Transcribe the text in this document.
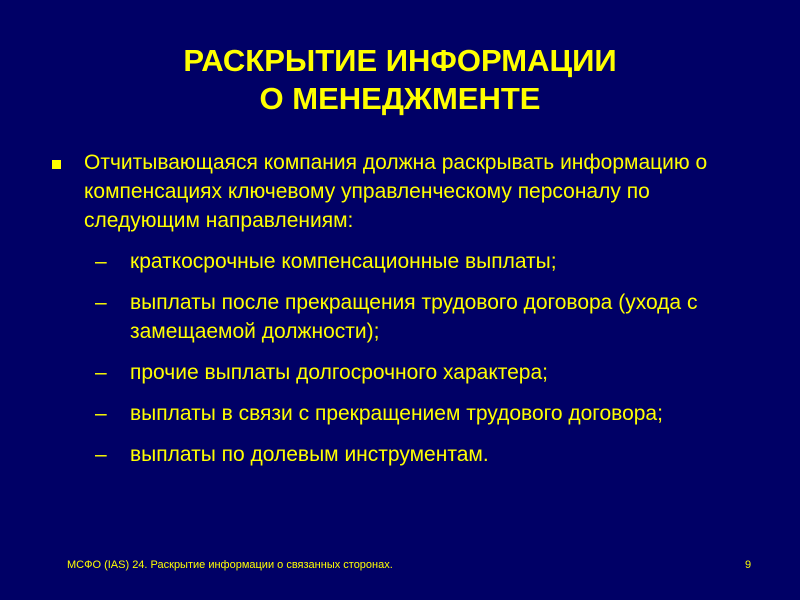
РАСКРЫТИЕ ИНФОРМАЦИИ
О МЕНЕДЖМЕНТЕ
Отчитывающаяся компания должна раскрывать информацию о компенсациях ключевому управленческому персоналу по следующим направлениям:
– краткосрочные компенсационные выплаты;
– выплаты после прекращения трудового договора (ухода с замещаемой должности);
– прочие выплаты долгосрочного характера;
– выплаты в связи с прекращением трудового договора;
– выплаты по долевым инструментам.
МСФО (IAS) 24. Раскрытие информации о связанных сторонах.	9
